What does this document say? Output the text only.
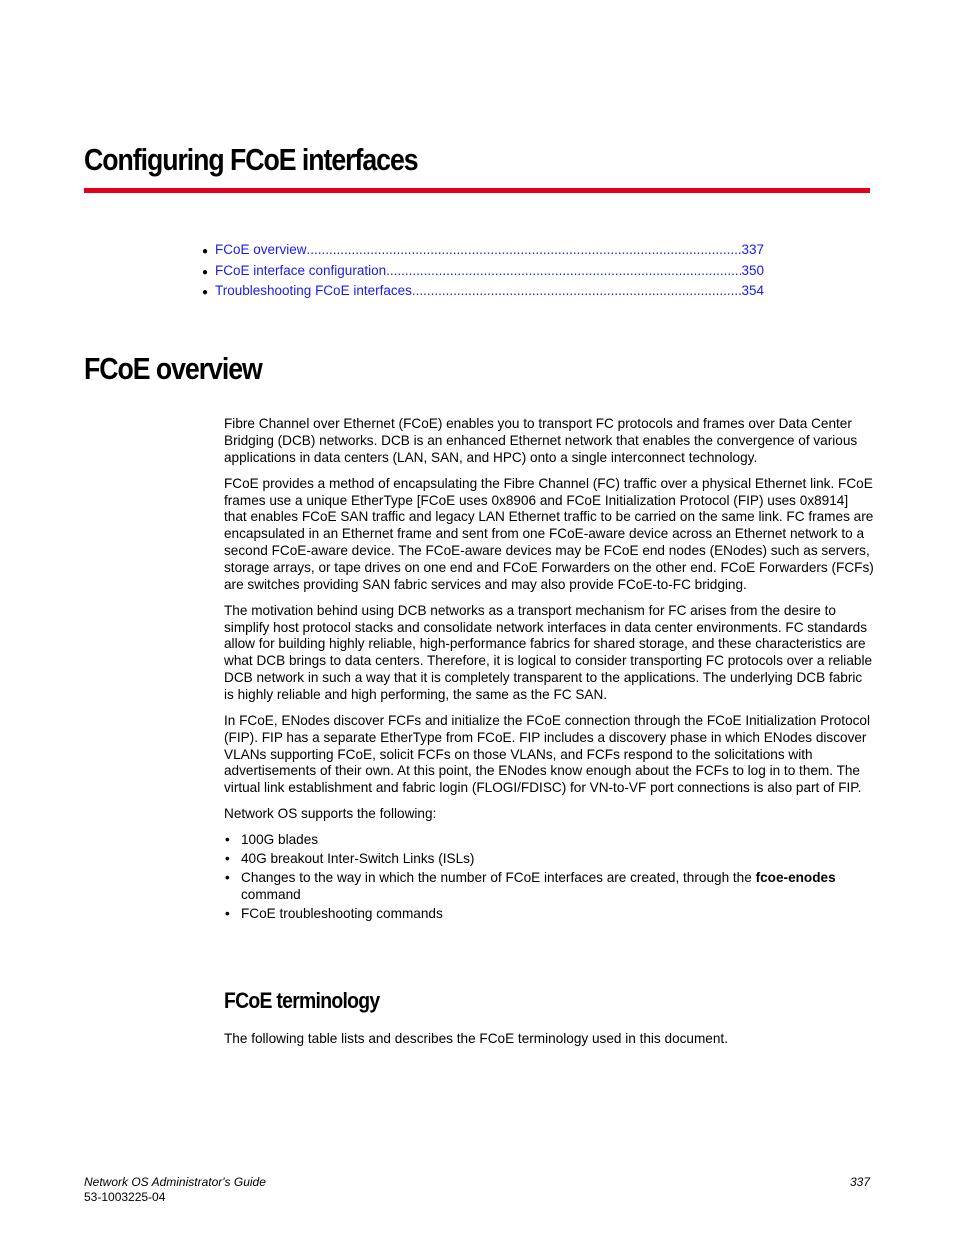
Configuring FCoE interfaces
● FCoE overview .....	337
● FCoE interface configuration .....	350
● Troubleshooting FCoE interfaces .....	354
FCoE overview

Fibre Channel over Ethernet (FCoE) enables you to transport FC protocols and frames over Data Center Bridging (DCB) networks. DCB is an enhanced Ethernet network that enables the convergence of various applications in data centers (LAN, SAN, and HPC) onto a single interconnect technology.

FCoE provides a method of encapsulating the Fibre Channel (FC) traffic over a physical Ethernet link. FCoE frames use a unique EtherType [FCoE uses 0x8906 and FCoE Initialization Protocol (FIP) uses 0x8914] that enables FCoE SAN traffic and legacy LAN Ethernet traffic to be carried on the same link. FC frames are encapsulated in an Ethernet frame and sent from one FCoE-aware device across an Ethernet network to a second FCoE-aware device. The FCoE-aware devices may be FCoE end nodes (ENodes) such as servers, storage arrays, or tape drives on one end and FCoE Forwarders on the other end. FCoE Forwarders (FCFs) are switches providing SAN fabric services and may also provide FCoE-to-FC bridging.

The motivation behind using DCB networks as a transport mechanism for FC arises from the desire to simplify host protocol stacks and consolidate network interfaces in data center environments. FC standards allow for building highly reliable, high-performance fabrics for shared storage, and these characteristics are what DCB brings to data centers. Therefore, it is logical to consider transporting FC protocols over a reliable DCB network in such a way that it is completely transparent to the applications. The underlying DCB fabric is highly reliable and high performing, the same as the FC SAN.

In FCoE, ENodes discover FCFs and initialize the FCoE connection through the FCoE Initialization Protocol (FIP). FIP has a separate EtherType from FCoE. FIP includes a discovery phase in which ENodes discover VLANs supporting FCoE, solicit FCFs on those VLANs, and FCFs respond to the solicitations with advertisements of their own. At this point, the ENodes know enough about the FCFs to log in to them. The virtual link establishment and fabric login (FLOGI/FDISC) for VN-to-VF port connections is also part of FIP.

Network OS supports the following:

• 100G blades
• 40G breakout Inter-Switch Links (ISLs)
• Changes to the way in which the number of FCoE interfaces are created, through the fcoe-enodes command
• FCoE troubleshooting commands
FCoE terminology

The following table lists and describes the FCoE terminology used in this document.

Network OS Administrator's Guide
53-1003225-04
337
